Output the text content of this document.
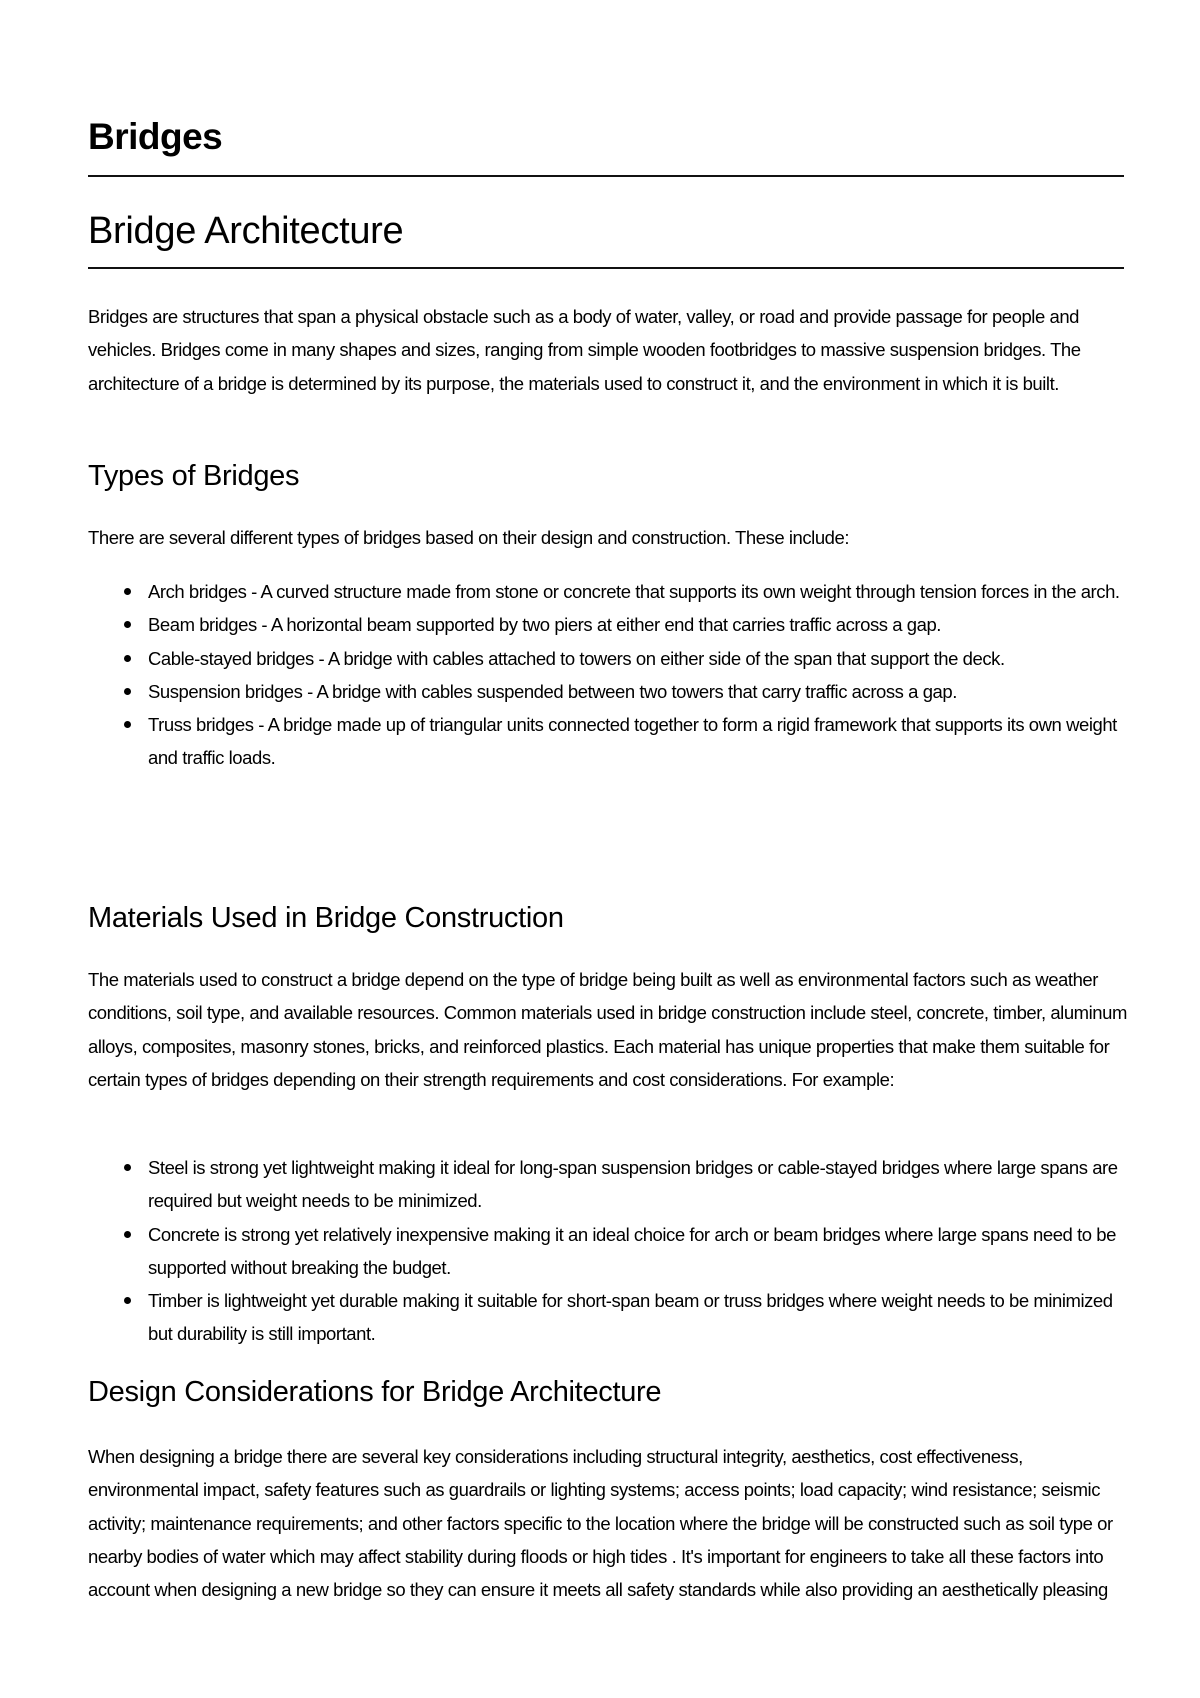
Bridges
Bridge Architecture

Bridges are structures that span a physical obstacle such as a body of water, valley, or road and provide passage for people and vehicles. Bridges come in many shapes and sizes, ranging from simple wooden footbridges to massive suspension bridges. The architecture of a bridge is determined by its purpose, the materials used to construct it, and the environment in which it is built.

Types of Bridges

There are several different types of bridges based on their design and construction. These include:

Arch bridges - A curved structure made from stone or concrete that supports its own weight through tension forces in the arch.
Beam bridges - A horizontal beam supported by two piers at either end that carries traffic across a gap.
Cable-stayed bridges - A bridge with cables attached to towers on either side of the span that support the deck.
Suspension bridges - A bridge with cables suspended between two towers that carry traffic across a gap.
Truss bridges - A bridge made up of triangular units connected together to form a rigid framework that supports its own weight and traffic loads.
Materials Used in Bridge Construction

The materials used to construct a bridge depend on the type of bridge being built as well as environmental factors such as weather conditions, soil type, and available resources. Common materials used in bridge construction include steel, concrete, timber, aluminum alloys, composites, masonry stones, bricks, and reinforced plastics. Each material has unique properties that make them suitable for certain types of bridges depending on their strength requirements and cost considerations. For example:

Steel is strong yet lightweight making it ideal for long-span suspension bridges or cable-stayed bridges where large spans are required but weight needs to be minimized.
Concrete is strong yet relatively inexpensive making it an ideal choice for arch or beam bridges where large spans need to be supported without breaking the budget.
Timber is lightweight yet durable making it suitable for short-span beam or truss bridges where weight needs to be minimized but durability is still important.
Design Considerations for Bridge Architecture

When designing a bridge there are several key considerations including structural integrity, aesthetics, cost effectiveness, environmental impact, safety features such as guardrails or lighting systems; access points; load capacity; wind resistance; seismic activity; maintenance requirements; and other factors specific to the location where the bridge will be constructed such as soil type or nearby bodies of water which may affect stability during floods or high tides . It's important for engineers to take all these factors into account when designing a new bridge so they can ensure it meets all safety standards while also providing an aesthetically pleasing
